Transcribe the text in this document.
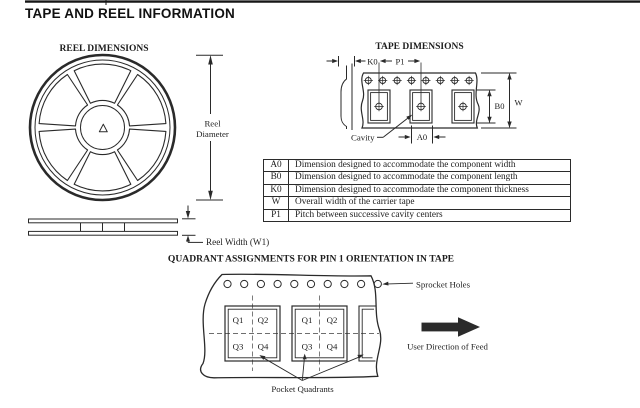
TAPE AND REEL INFORMATION
REEL DIMENSIONS
Reel
Diameter
Reel Width (W1)
TAPE DIMENSIONS
K0 P1
W
B0
Cavity	A0
QUADRANT ASSIGNMENTS FOR PIN 1 ORIENTATION IN TAPE
Q1 Q2
Q3 Q4
Q1 Q2
Q3 Q4
Sprocket Holes
User Direction of Feed
Pocket Quadrants
A0	Dimension designed to accommodate the component width
B0	Dimension designed to accommodate the component length
K0	Dimension designed to accommodate the component thickness
W	Overall width of the carrier tape
P1	Pitch between successive cavity centers
